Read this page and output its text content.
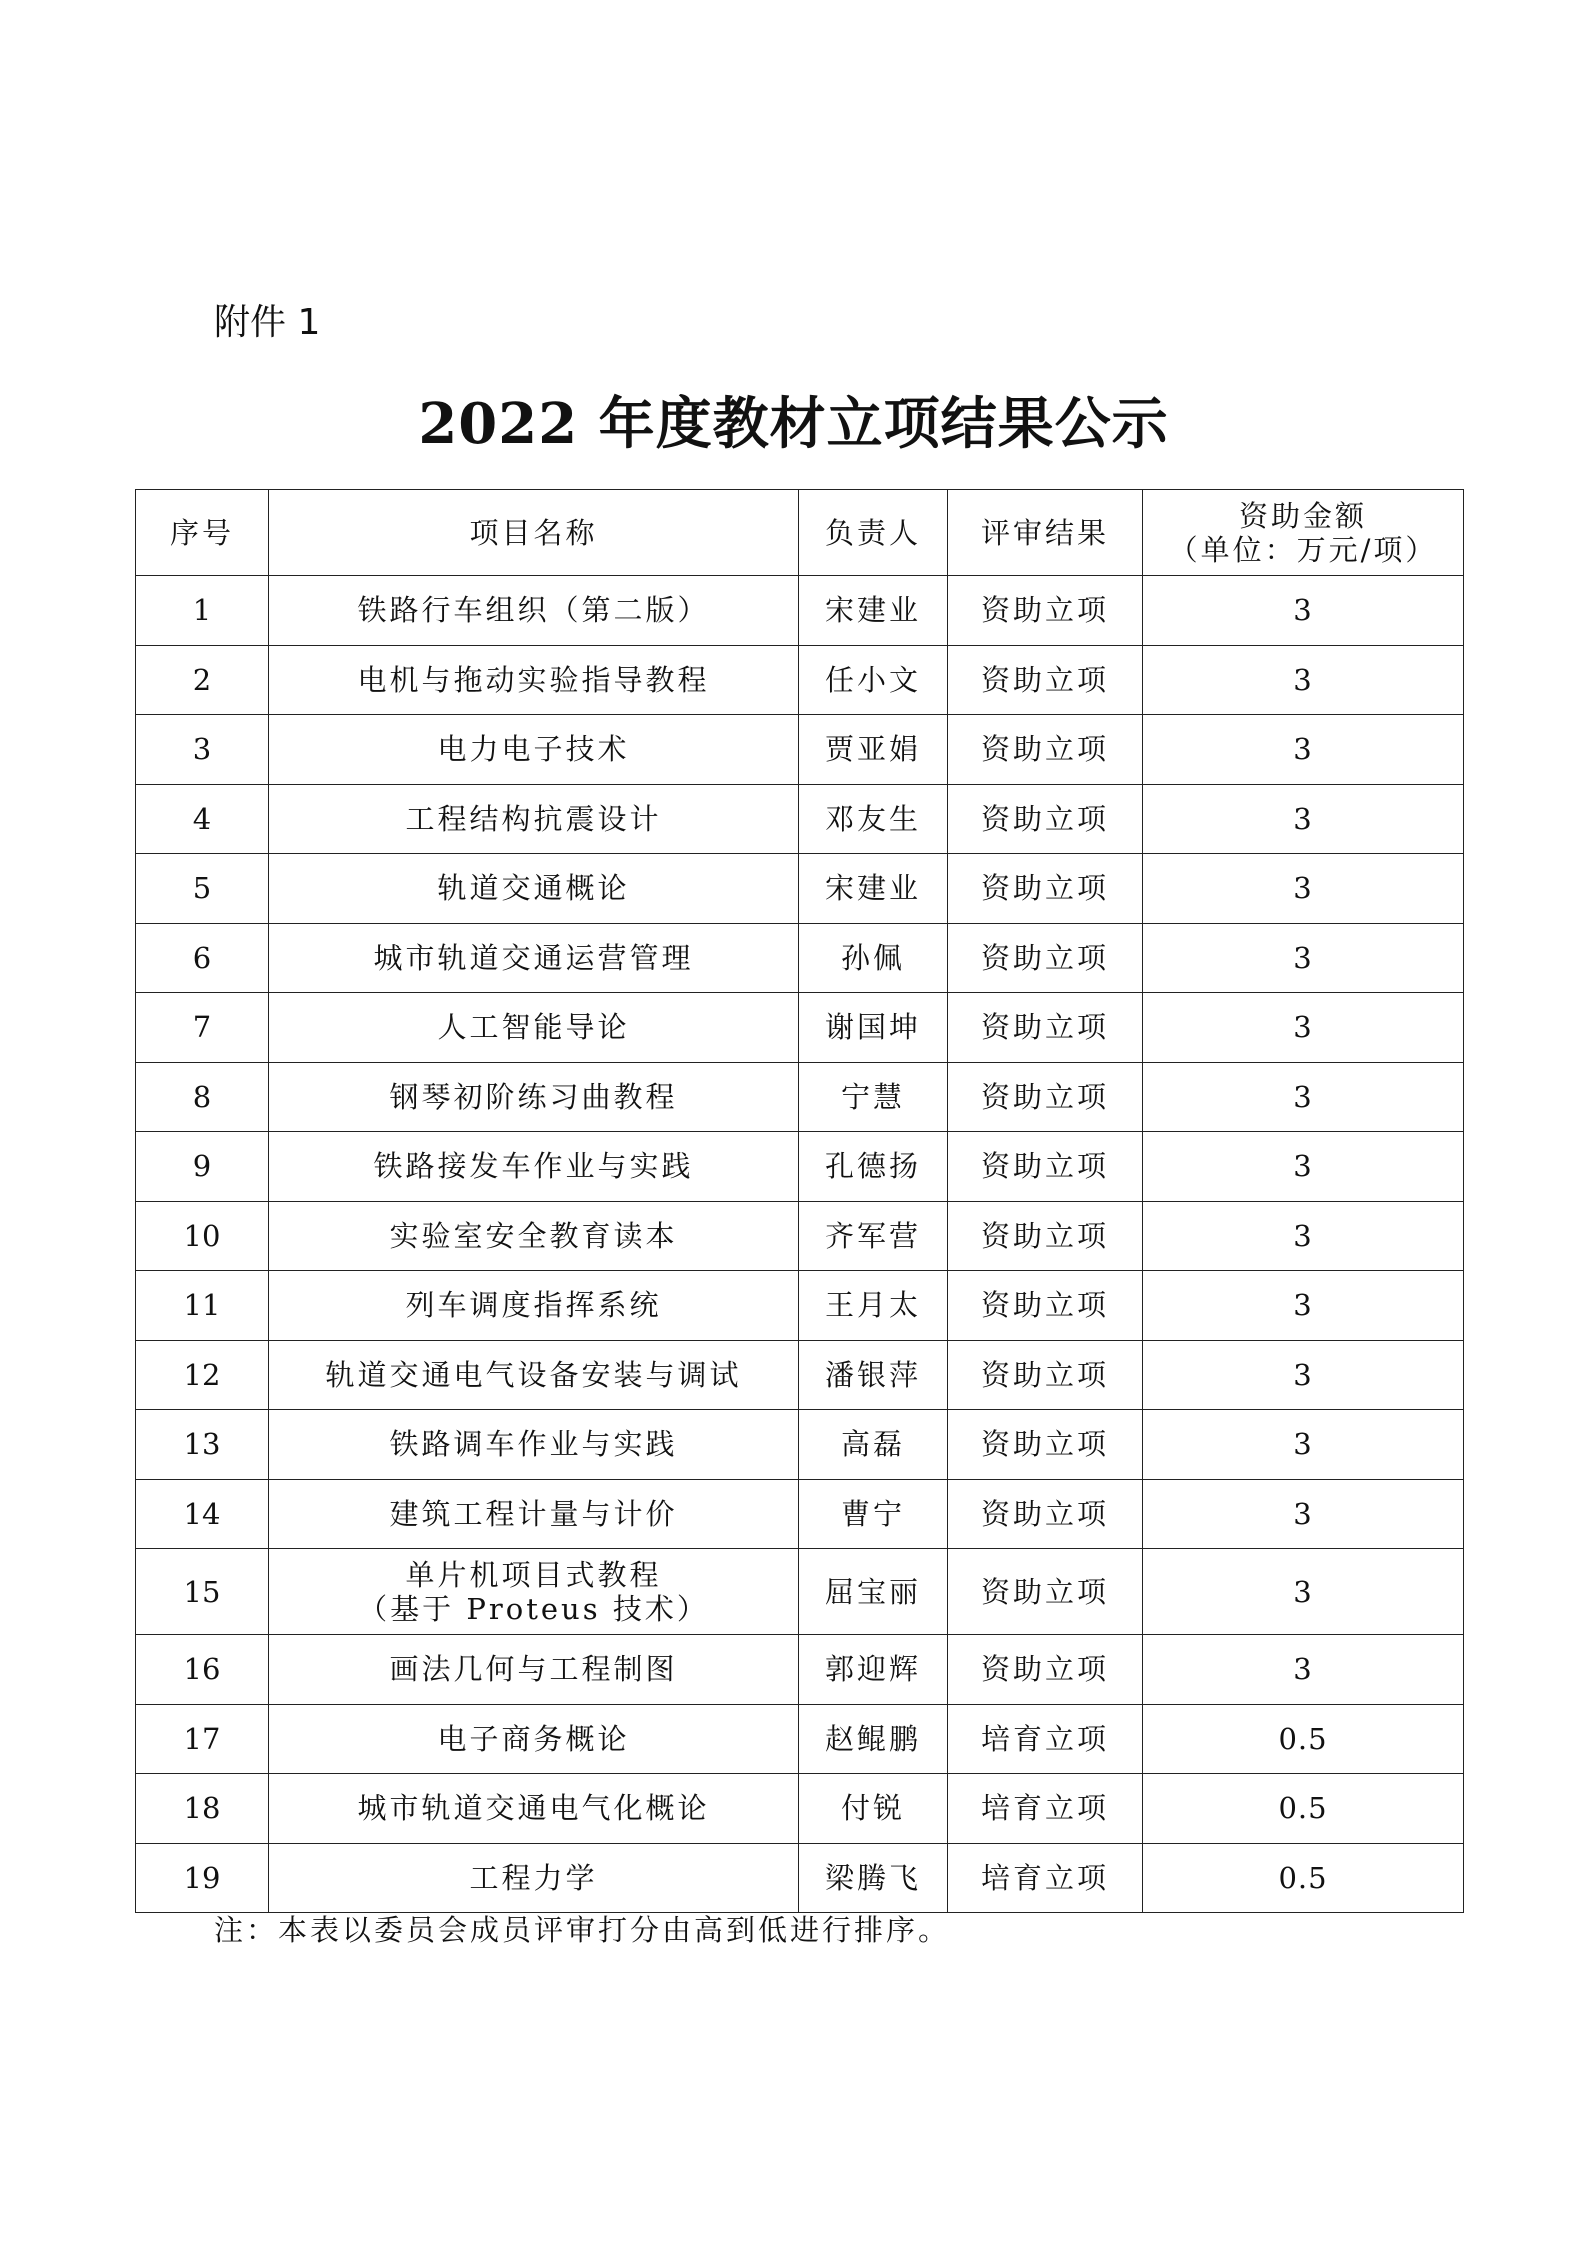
附件 1
2022 年度教材立项结果公示
序号	项目名称	负责人	评审结果	资助金额
（单位：万元/项）

1	铁路行车组织（第二版）	宋建业	资助立项	3
2	电机与拖动实验指导教程	任小文	资助立项	3
3	电力电子技术	贾亚娟	资助立项	3
4	工程结构抗震设计	邓友生	资助立项	3
5	轨道交通概论	宋建业	资助立项	3
6	城市轨道交通运营管理	孙佩	资助立项	3
7	人工智能导论	谢国坤	资助立项	3
8	钢琴初阶练习曲教程	宁慧	资助立项	3
9	铁路接发车作业与实践	孔德扬	资助立项	3
10	实验室安全教育读本	齐军营	资助立项	3
11	列车调度指挥系统	王月太	资助立项	3
12	轨道交通电气设备安装与调试	潘银萍	资助立项	3
13	铁路调车作业与实践	高磊	资助立项	3
14	建筑工程计量与计价	曹宁	资助立项	3
15	单片机项目式教程
（基于 Proteus 技术）	屈宝丽	资助立项	3
16	画法几何与工程制图	郭迎辉	资助立项	3
17	电子商务概论	赵鲲鹏	培育立项	0.5
18	城市轨道交通电气化概论	付锐	培育立项	0.5
19	工程力学	梁腾飞	培育立项	0.5
注：本表以委员会成员评审打分由高到低进行排序。
